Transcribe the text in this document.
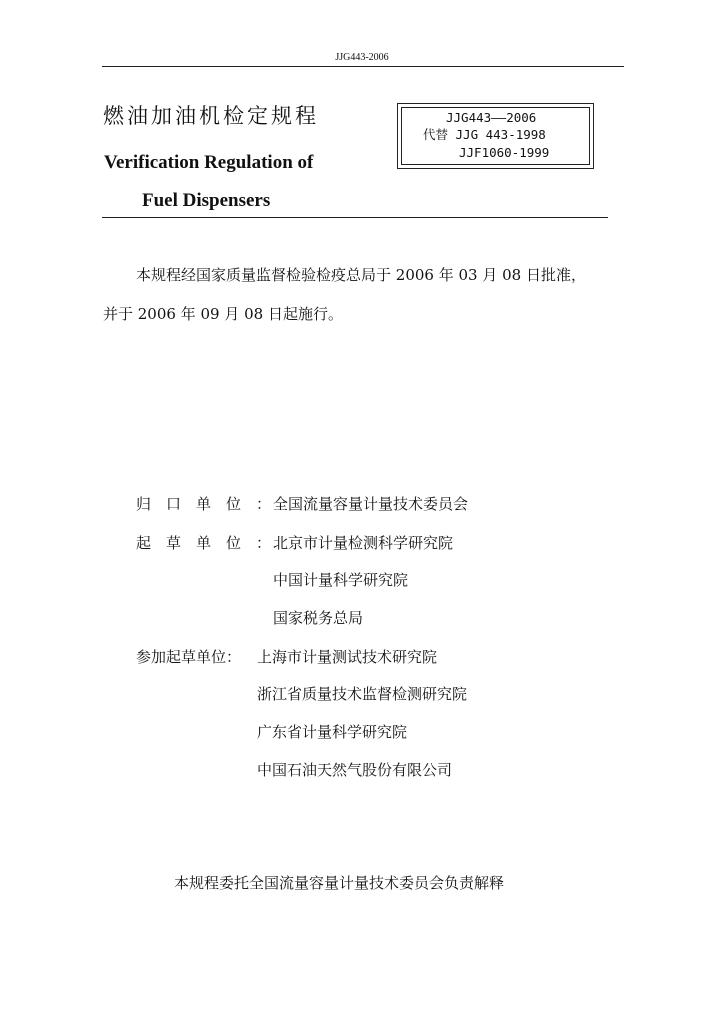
JJG443-2006
燃油加油机检定规程
Verification Regulation of
Fuel Dispensers
JJG443——2006
代替 JJG 443-1998
JJF1060-1999
本规程经国家质量监督检验检疫总局于 2006 年 03 月 08 日批准，
并于 2006 年 09 月 08 日起施行。
归口单位：
全国流量容量计量技术委员会
起草单位：
北京市计量检测科学研究院
中国计量科学研究院
国家税务总局
参加起草单位： 上海市计量测试技术研究院
浙江省质量技术监督检测研究院
广东省计量科学研究院
中国石油天然气股份有限公司
本规程委托全国流量容量计量技术委员会负责解释
